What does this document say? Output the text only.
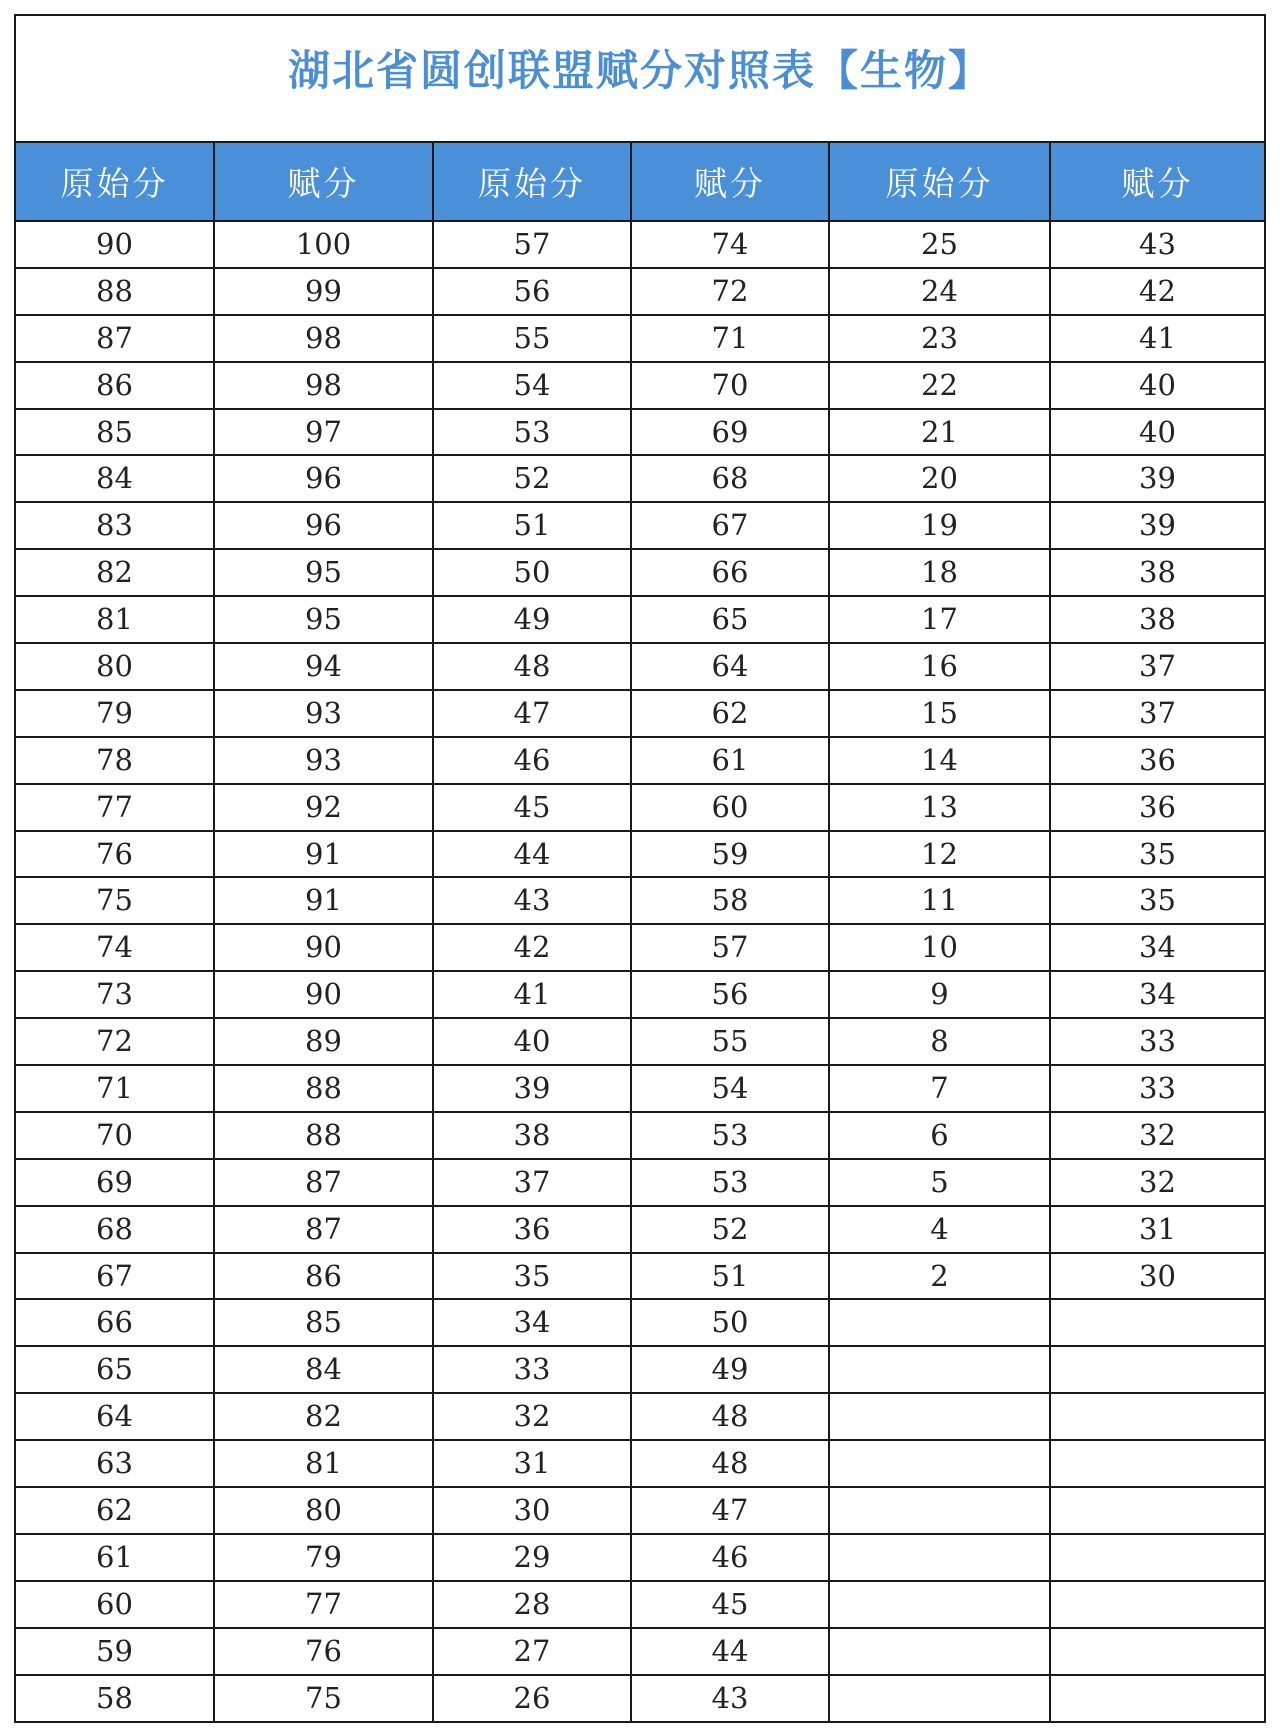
湖北省圆创联盟赋分对照表【生物】
原始分	赋分	原始分	赋分	原始分	赋分
90	100	57	74	25	43
88	99	56	72	24	42
87	98	55	71	23	41
86	98	54	70	22	40
85	97	53	69	21	40
84	96	52	68	20	39
83	96	51	67	19	39
82	95	50	66	18	38
81	95	49	65	17	38
80	94	48	64	16	37
79	93	47	62	15	37
78	93	46	61	14	36
77	92	45	60	13	36
76	91	44	59	12	35
75	91	43	58	11	35
74	90	42	57	10	34
73	90	41	56	9	34
72	89	40	55	8	33
71	88	39	54	7	33
70	88	38	53	6	32
69	87	37	53	5	32
68	87	36	52	4	31
67	86	35	51	2	30
66	85	34	50		
65	84	33	49		
64	82	32	48		
63	81	31	48		
62	80	30	47		
61	79	29	46		
60	77	28	45		
59	76	27	44		
58	75	26	43		
